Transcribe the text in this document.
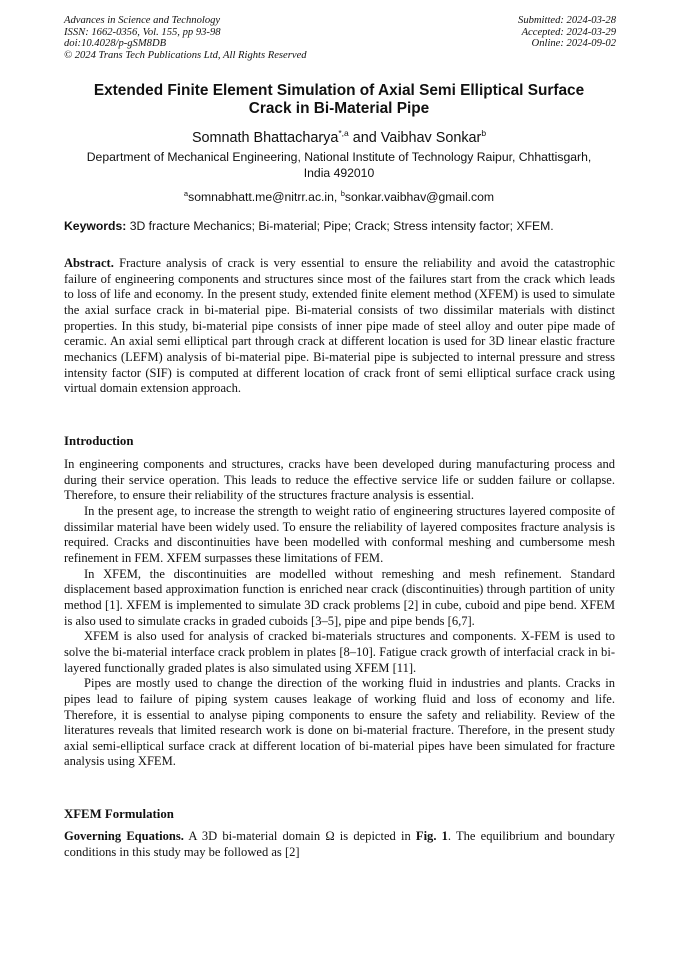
Advances in Science and Technology
ISSN: 1662-0356, Vol. 155, pp 93-98
doi:10.4028/p-gSM8DB
© 2024 Trans Tech Publications Ltd, All Rights Reserved
Submitted: 2024-03-28
Accepted: 2024-03-29
Online: 2024-09-02
Extended Finite Element Simulation of Axial Semi Elliptical Surface
Crack in Bi-Material Pipe
Somnath Bhattacharya$^{*,a}$ and Vaibhav Sonkar$^b$
Department of Mechanical Engineering, National Institute of Technology Raipur, Chhattisgarh,
India 492010
$^a$somnabhatt.me@nitrr.ac.in, $^b$sonkar.vaibhav@gmail.com
Keywords: 3D fracture Mechanics; Bi-material; Pipe; Crack; Stress intensity factor; XFEM.

Abstract. Fracture analysis of crack is very essential to ensure the reliability and avoid the catastrophic failure of engineering components and structures since most of the failures start from the crack which leads to loss of life and economy. In the present study, extended finite element method (XFEM) is used to simulate the axial surface crack in bi-material pipe. Bi-material consists of two dissimilar materials with distinct properties. In this study, bi-material pipe consists of inner pipe made of steel alloy and outer pipe made of ceramic. An axial semi elliptical part through crack at different location is used for 3D linear elastic fracture mechanics (LEFM) analysis of bi-material pipe. Bi-material pipe is subjected to internal pressure and stress intensity factor (SIF) is computed at different location of crack front of semi elliptical surface crack using virtual domain extension approach.

Introduction

In engineering components and structures, cracks have been developed during manufacturing process and during their service operation. This leads to reduce the effective service life or sudden failure or collapse. Therefore, to ensure their reliability of the structures fracture analysis is essential.

In the present age, to increase the strength to weight ratio of engineering structures layered composite of dissimilar material have been widely used. To ensure the reliability of layered composites fracture analysis is required. Cracks and discontinuities have been modelled with conformal meshing and cumbersome mesh refinement in FEM. XFEM surpasses these limitations of FEM.

In XFEM, the discontinuities are modelled without remeshing and mesh refinement. Standard displacement based approximation function is enriched near crack (discontinuities) through partition of unity method [1]. XFEM is implemented to simulate 3D crack problems [2] in cube, cuboid and pipe bend. XFEM is also used to simulate cracks in graded cuboids [3–5], pipe and pipe bends [6,7].

XFEM is also used for analysis of cracked bi-materials structures and components. X-FEM is used to solve the bi-material interface crack problem in plates [8–10]. Fatigue crack growth of interfacial crack in bi-layered functionally graded plates is also simulated using XFEM [11].

Pipes are mostly used to change the direction of the working fluid in industries and plants. Cracks in pipes lead to failure of piping system causes leakage of working fluid and loss of economy and life. Therefore, it is essential to analyse piping components to ensure the safety and reliability. Review of the literatures reveals that limited research work is done on bi-material fracture. Therefore, in the present study axial semi-elliptical surface crack at different location of bi-material pipes have been simulated for fracture analysis using XFEM.

XFEM Formulation

Governing Equations. A 3D bi-material domain Ω is depicted in Fig. 1. The equilibrium and boundary conditions in this study may be followed as [2]
